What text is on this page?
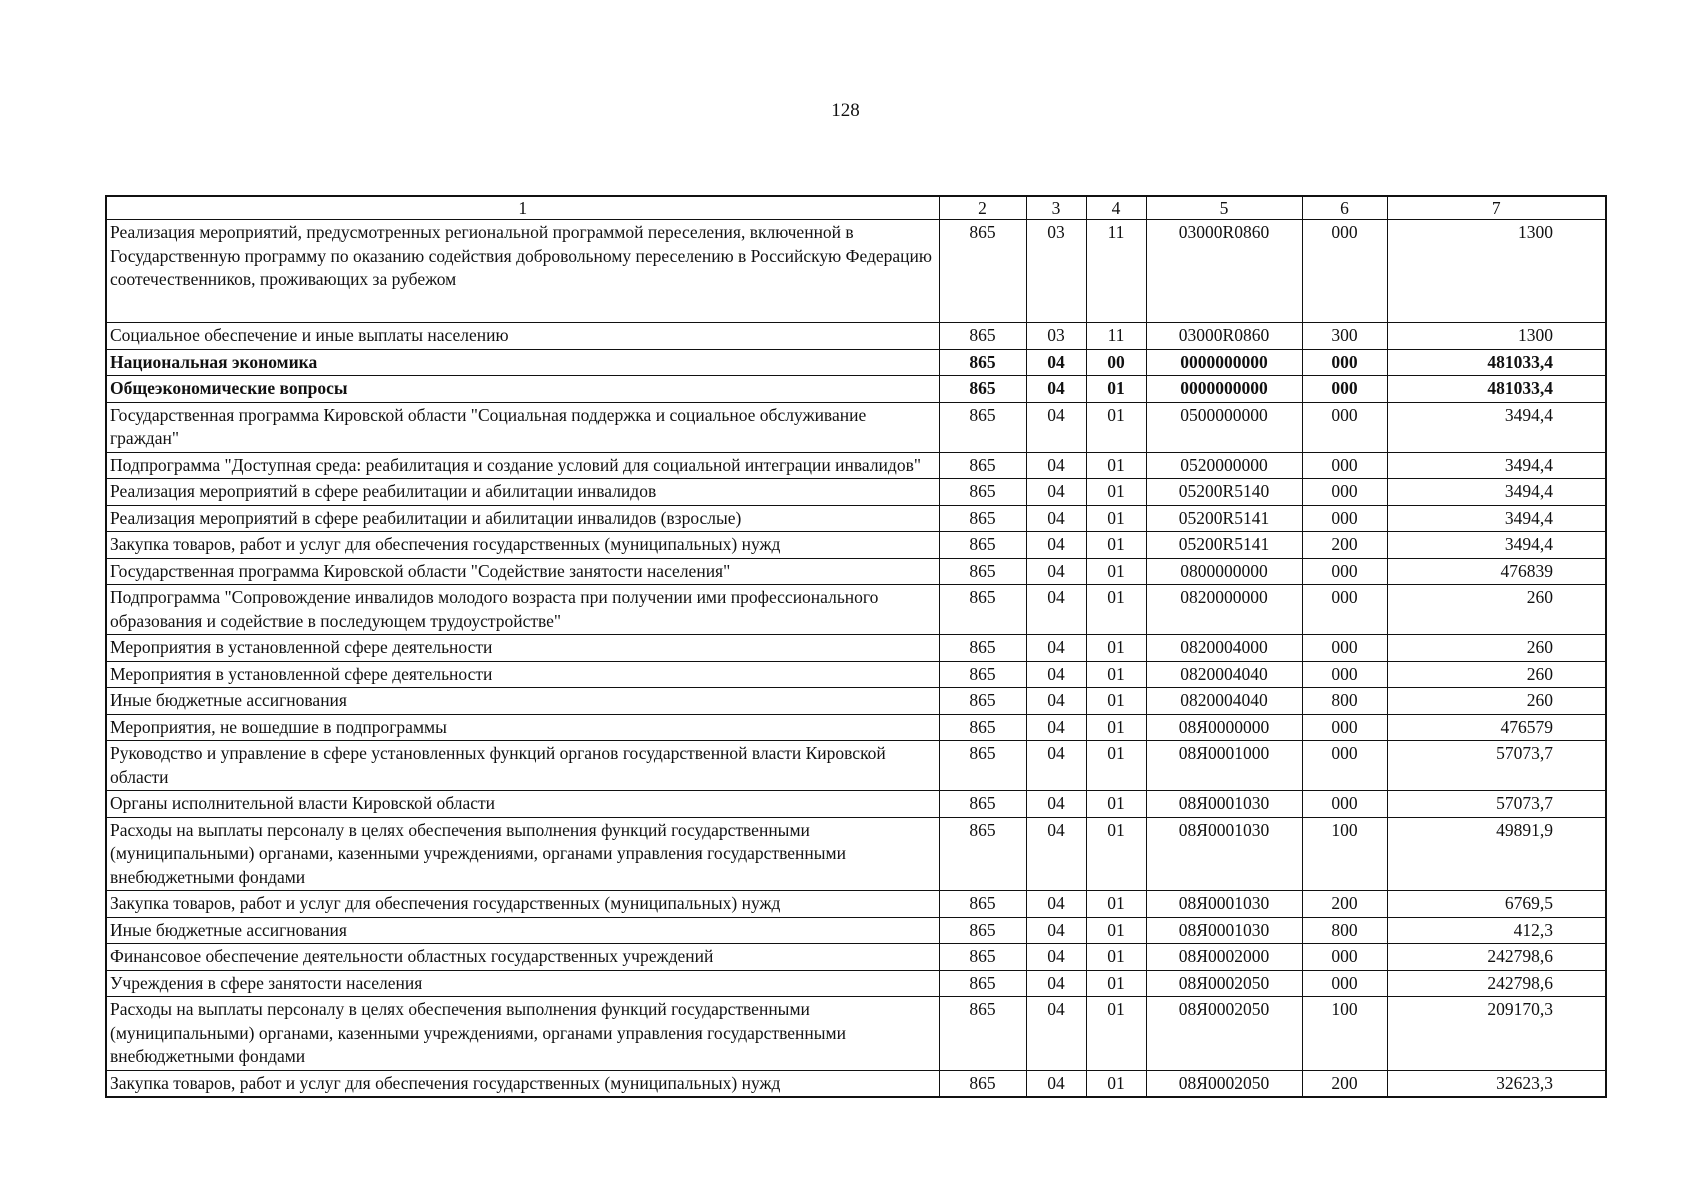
128
1	2	3	4	5	6	7
Реализация мероприятий, предусмотренных региональной программой переселения, включенной в Государственную программу по оказанию содействия добровольному переселению в Российскую Федерацию соотечественников, проживающих за рубежом	865	03	11	03000R0860	000	1300
Социальное обеспечение и иные выплаты населению	865	03	11	03000R0860	300	1300
Национальная экономика	865	04	00	0000000000	000	481033,4
Общеэкономические вопросы	865	04	01	0000000000	000	481033,4
Государственная программа Кировской области "Социальная поддержка и социальное обслуживание граждан"	865	04	01	0500000000	000	3494,4
Подпрограмма "Доступная среда: реабилитация и создание условий для социальной интеграции инвалидов"	865	04	01	0520000000	000	3494,4
Реализация мероприятий в сфере реабилитации и абилитации инвалидов	865	04	01	05200R5140	000	3494,4
Реализация мероприятий в сфере реабилитации и абилитации инвалидов (взрослые)	865	04	01	05200R5141	000	3494,4
Закупка товаров, работ и услуг для обеспечения государственных (муниципальных) нужд	865	04	01	05200R5141	200	3494,4
Государственная программа Кировской области "Содействие занятости населения"	865	04	01	0800000000	000	476839
Подпрограмма "Сопровождение инвалидов молодого возраста при получении ими профессионального образования и содействие в последующем трудоустройстве"	865	04	01	0820000000	000	260
Мероприятия в установленной сфере деятельности	865	04	01	0820004000	000	260
Мероприятия в установленной сфере деятельности	865	04	01	0820004040	000	260
Иные бюджетные ассигнования	865	04	01	0820004040	800	260
Мероприятия, не вошедшие в подпрограммы	865	04	01	08Я0000000	000	476579
Руководство и управление в сфере установленных функций органов государственной власти Кировской области	865	04	01	08Я0001000	000	57073,7
Органы исполнительной власти Кировской области	865	04	01	08Я0001030	000	57073,7
Расходы на выплаты персоналу в целях обеспечения выполнения функций государственными (муниципальными) органами, казенными учреждениями, органами управления государственными внебюджетными фондами	865	04	01	08Я0001030	100	49891,9
Закупка товаров, работ и услуг для обеспечения государственных (муниципальных) нужд	865	04	01	08Я0001030	200	6769,5
Иные бюджетные ассигнования	865	04	01	08Я0001030	800	412,3
Финансовое обеспечение деятельности областных государственных учреждений	865	04	01	08Я0002000	000	242798,6
Учреждения в сфере занятости населения	865	04	01	08Я0002050	000	242798,6
Расходы на выплаты персоналу в целях обеспечения выполнения функций государственными (муниципальными) органами, казенными учреждениями, органами управления государственными внебюджетными фондами	865	04	01	08Я0002050	100	209170,3
Закупка товаров, работ и услуг для обеспечения государственных (муниципальных) нужд	865	04	01	08Я0002050	200	32623,3
